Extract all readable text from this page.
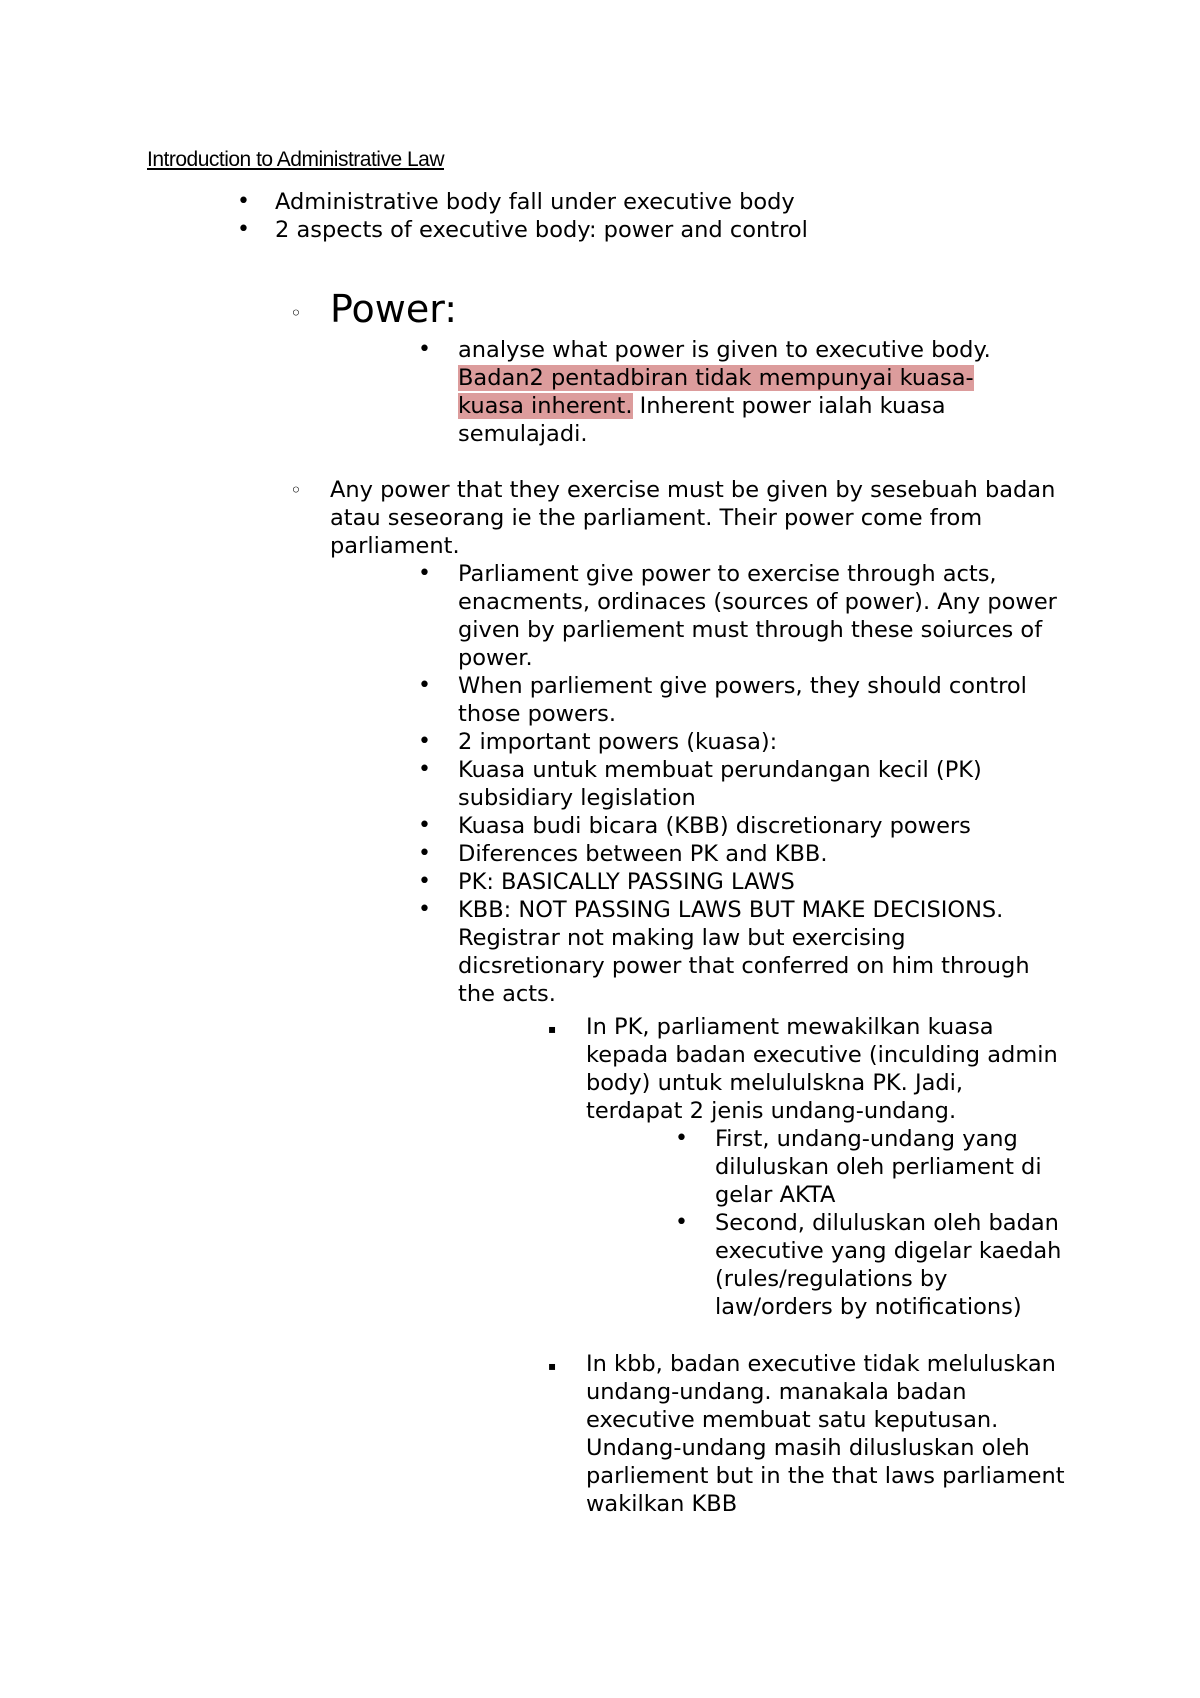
Introduction to Administrative Law
• Administrative body fall under executive body
• 2 aspects of executive body: power and control
◦ Power:
• analyse what power is given to executive body. Badan2 pentadbiran tidak mempunyai kuasa-kuasa inherent. Inherent power ialah kuasa semulajadi.
◦ Any power that they exercise must be given by sesebuah badan atau seseorang ie the parliament. Their power come from parliament.
• Parliament give power to exercise through acts, enacments, ordinaces (sources of power). Any power given by parliement must through these soiurces of power.
• When parliement give powers, they should control those powers.
• 2 important powers (kuasa):
• Kuasa untuk membuat perundangan kecil (PK) subsidiary legislation
• Kuasa budi bicara (KBB) discretionary powers
• Diferences between PK and KBB.
• PK: BASICALLY PASSING LAWS
• KBB: NOT PASSING LAWS BUT MAKE DECISIONS. Registrar not making law but exercising dicsretionary power that conferred on him through the acts.
▪ In PK, parliament mewakilkan kuasa kepada badan executive (inculding admin body) untuk melululskna PK. Jadi, terdapat 2 jenis undang-undang.
• First, undang-undang yang diluluskan oleh perliament di gelar AKTA
• Second, diluluskan oleh badan executive yang digelar kaedah (rules/regulations by law/orders by notifications)
▪ In kbb, badan executive tidak meluluskan undang-undang. manakala badan executive membuat satu keputusan. Undang-undang masih dilusluskan oleh parliement but in the that laws parliament wakilkan KBB
